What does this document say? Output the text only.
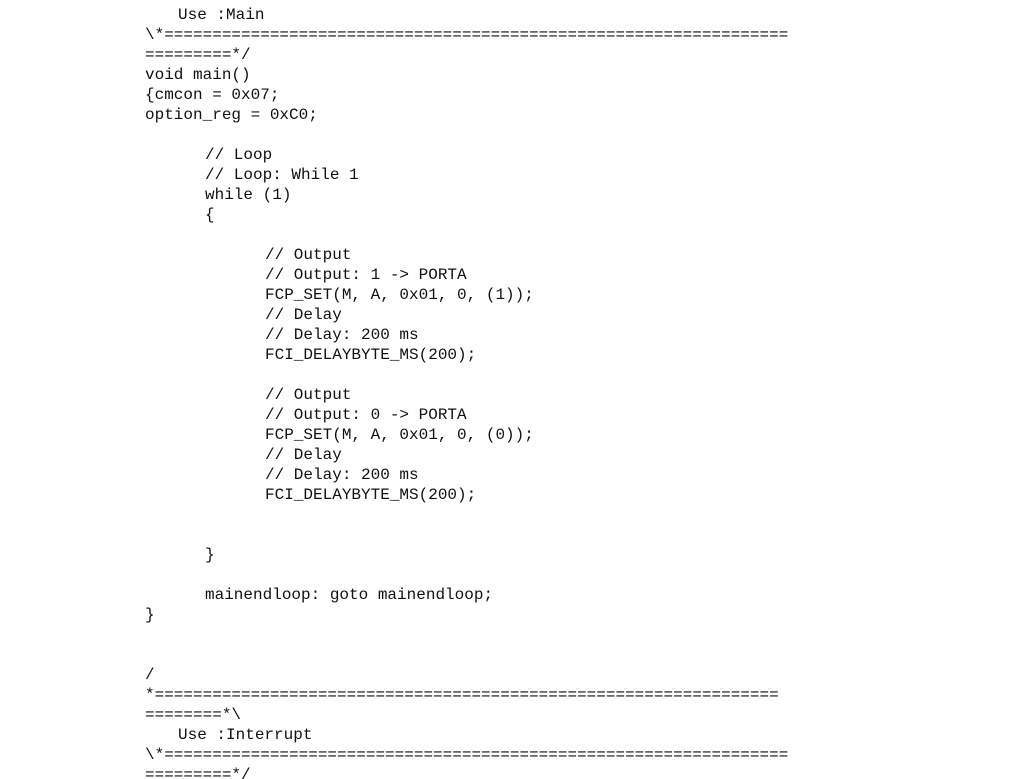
Use :Main
\*=================================================================
=========*/
void main()
{cmcon = 0x07;
option_reg = 0xC0;
// Loop
// Loop: While 1
while (1)
{
// Output
// Output: 1 -> PORTA
FCP_SET(M, A, 0x01, 0, (1));
// Delay
// Delay: 200 ms
FCI_DELAYBYTE_MS(200);
// Output
// Output: 0 -> PORTA
FCP_SET(M, A, 0x01, 0, (0));
// Delay
// Delay: 200 ms
FCI_DELAYBYTE_MS(200);
}
mainendloop: goto mainendloop;
}
/
*=================================================================
========*\
Use :Interrupt
\*=================================================================
=========*/
